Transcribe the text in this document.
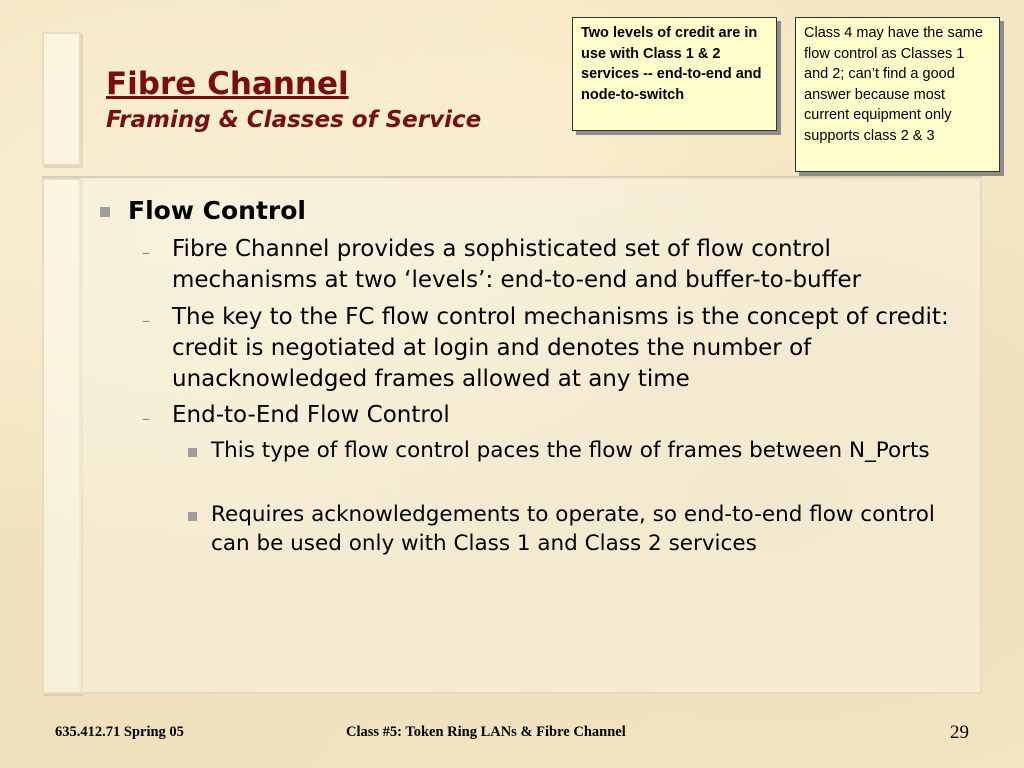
Fibre Channel
Framing & Classes of Service
Two levels of credit are in use with Class 1 & 2 services -- end-to-end and node-to-switch
Class 4 may have the same flow control as Classes 1 and 2; can’t find a good answer because most current equipment only supports class 2 & 3
Flow Control
– Fibre Channel provides a sophisticated set of flow control mechanisms at two ‘levels’: end-to-end and buffer-to-buffer
– The key to the FC flow control mechanisms is the concept of credit: credit is negotiated at login and denotes the number of unacknowledged frames allowed at any time
– End-to-End Flow Control
This type of flow control paces the flow of frames between N_Ports
Requires acknowledgements to operate, so end-to-end flow control can be used only with Class 1 and Class 2 services
635.412.71 Spring 05	Class #5: Token Ring LANs & Fibre Channel	29
